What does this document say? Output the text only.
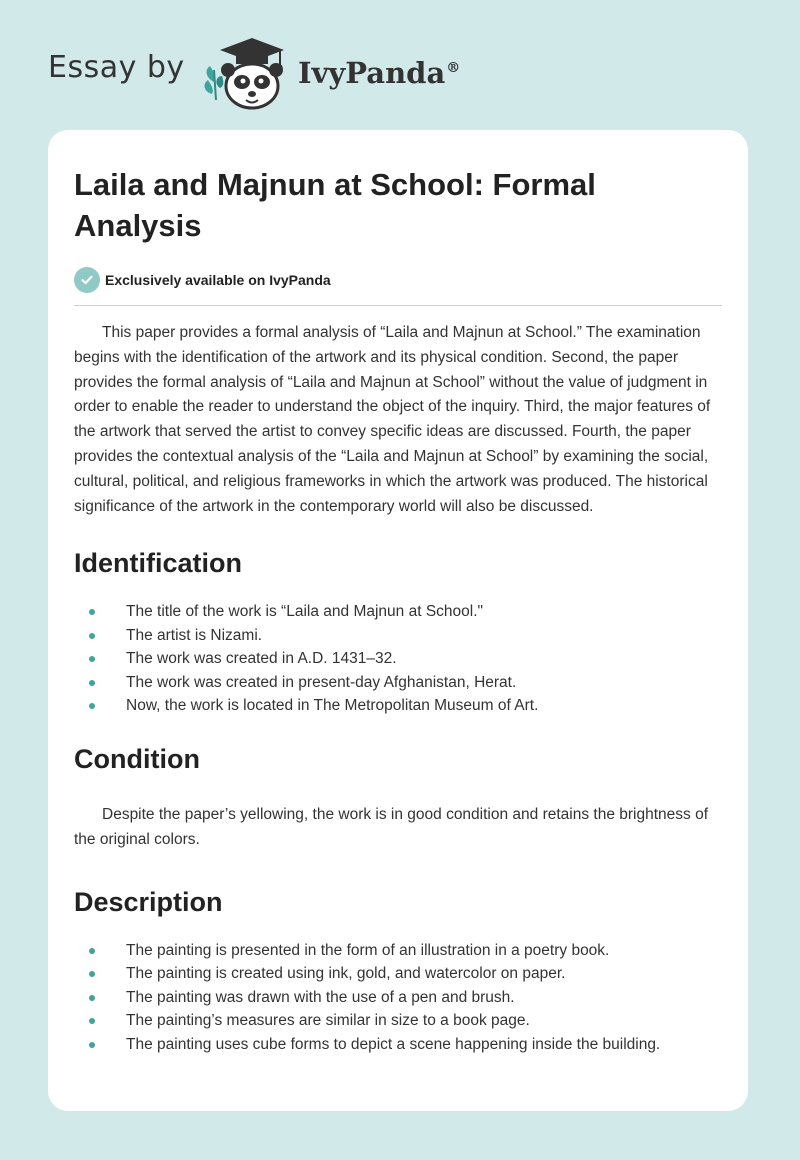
Essay by	IvyPanda®
Laila and Majnun at School: Formal Analysis
Exclusively available on IvyPanda

This paper provides a formal analysis of “Laila and Majnun at School.” The examination begins with the identification of the artwork and its physical condition. Second, the paper provides the formal analysis of “Laila and Majnun at School” without the value of judgment in order to enable the reader to understand the object of the inquiry. Third, the major features of the artwork that served the artist to convey specific ideas are discussed. Fourth, the paper provides the contextual analysis of the “Laila and Majnun at School” by examining the social, cultural, political, and religious frameworks in which the artwork was produced. The historical significance of the artwork in the contemporary world will also be discussed.

Identification
The title of the work is “Laila and Majnun at School."
The artist is Nizami.
The work was created in A.D. 1431–32.
The work was created in present-day Afghanistan, Herat.
Now, the work is located in The Metropolitan Museum of Art.
Condition

Despite the paper’s yellowing, the work is in good condition and retains the brightness of the original colors.

Description
The painting is presented in the form of an illustration in a poetry book.
The painting is created using ink, gold, and watercolor on paper.
The painting was drawn with the use of a pen and brush.
The painting’s measures are similar in size to a book page.
The painting uses cube forms to depict a scene happening inside the building.
